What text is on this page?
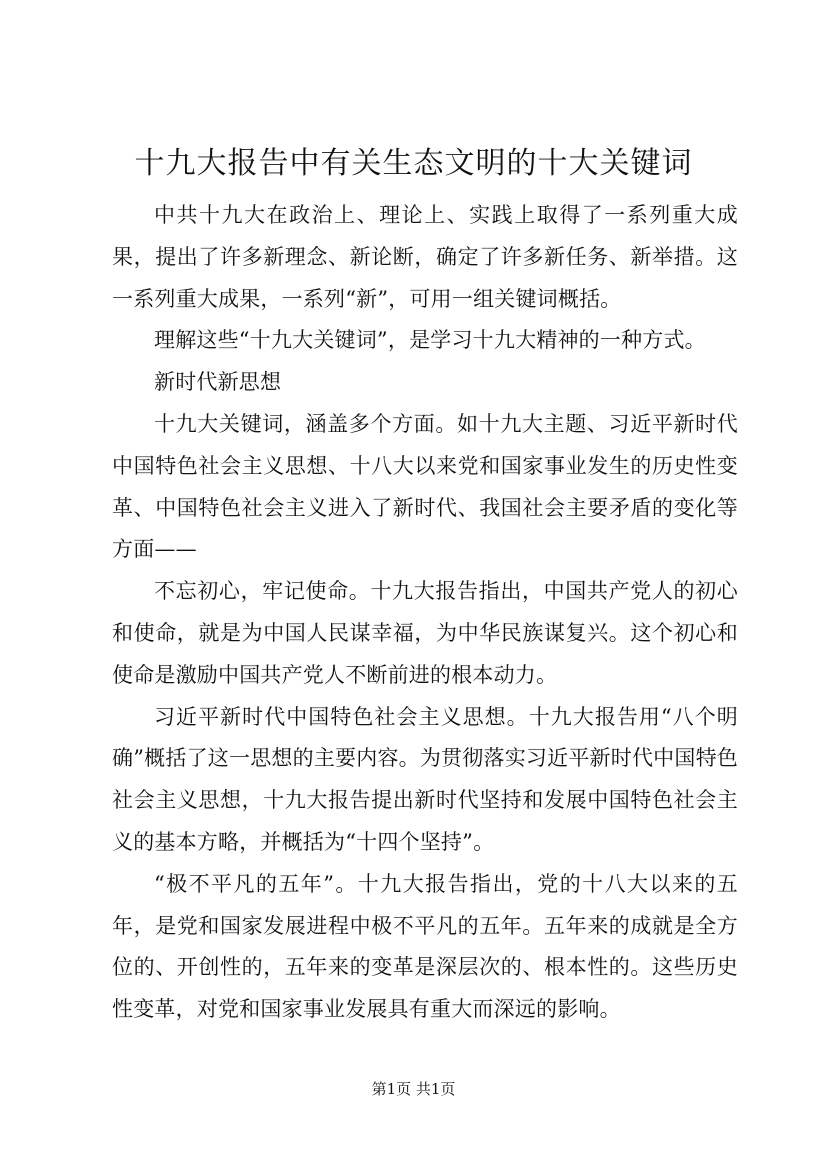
十九大报告中有关生态文明的十大关键词

中共十九大在政治上、理论上、实践上取得了一系列重大成果，提出了许多新理念、新论断，确定了许多新任务、新举措。这一系列重大成果，一系列“新”，可用一组关键词概括。

理解这些“十九大关键词”，是学习十九大精神的一种方式。

新时代新思想

十九大关键词，涵盖多个方面。如十九大主题、习近平新时代中国特色社会主义思想、十八大以来党和国家事业发生的历史性变革、中国特色社会主义进入了新时代、我国社会主要矛盾的变化等方面——

不忘初心，牢记使命。十九大报告指出，中国共产党人的初心和使命，就是为中国人民谋幸福，为中华民族谋复兴。这个初心和使命是激励中国共产党人不断前进的根本动力。

习近平新时代中国特色社会主义思想。十九大报告用“八个明确”概括了这一思想的主要内容。为贯彻落实习近平新时代中国特色社会主义思想，十九大报告提出新时代坚持和发展中国特色社会主义的基本方略，并概括为“十四个坚持”。

“极不平凡的五年”。十九大报告指出，党的十八大以来的五年，是党和国家发展进程中极不平凡的五年。五年来的成就是全方位的、开创性的，五年来的变革是深层次的、根本性的。这些历史性变革，对党和国家事业发展具有重大而深远的影响。

第1页 共1页
